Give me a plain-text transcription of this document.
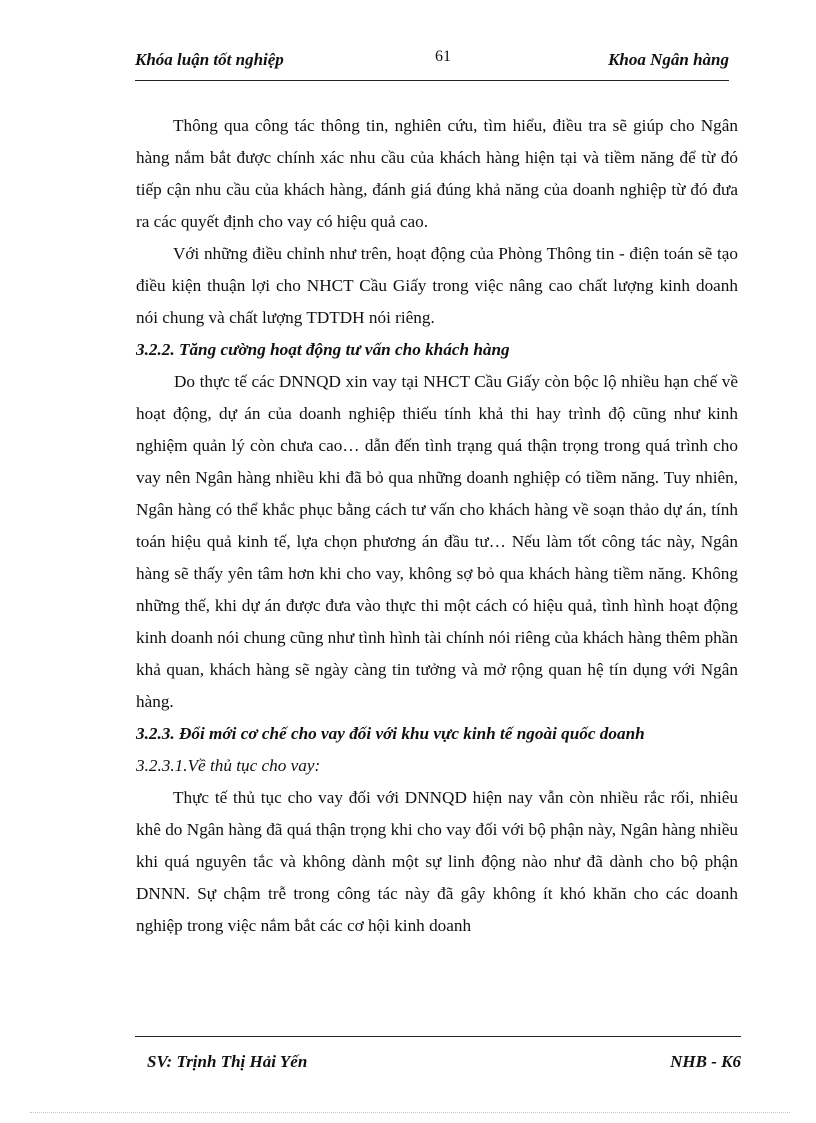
Khóa luận tốt nghiệp	61	Khoa Ngân hàng

Thông qua công tác thông tin, nghiên cứu, tìm hiểu, điều tra sẽ giúp cho Ngân hàng nắm bắt được chính xác nhu cầu của khách hàng hiện tại và tiềm năng để từ đó tiếp cận nhu cầu của khách hàng, đánh giá đúng khả năng của doanh nghiệp từ đó đưa ra các quyết định cho vay có hiệu quả cao.

Với những điều chỉnh như trên, hoạt động của Phòng Thông tin - điện toán sẽ tạo điều kiện thuận lợi cho NHCT Cầu Giấy trong việc nâng cao chất lượng kinh doanh nói chung và chất lượng TDTDH nói riêng.

3.2.2. Tăng cường hoạt động tư vấn cho khách hàng

Do thực tế các DNNQD xin vay tại NHCT Cầu Giấy còn bộc lộ nhiều hạn chế về hoạt động, dự án của doanh nghiệp thiếu tính khả thi hay trình độ cũng như kinh nghiệm quản lý còn chưa cao… dẫn đến tình trạng quá thận trọng trong quá trình cho vay nên Ngân hàng nhiều khi đã bỏ qua những doanh nghiệp có tiềm năng. Tuy nhiên, Ngân hàng có thể khắc phục bằng cách tư vấn cho khách hàng về soạn thảo dự án, tính toán hiệu quả kinh tế, lựa chọn phương án đầu tư… Nếu làm tốt công tác này, Ngân hàng sẽ thấy yên tâm hơn khi cho vay, không sợ bỏ qua khách hàng tiềm năng. Không những thế, khi dự án được đưa vào thực thi một cách có hiệu quả, tình hình hoạt động kinh doanh nói chung cũng như tình hình tài chính nói riêng của khách hàng thêm phần khả quan, khách hàng sẽ ngày càng tin tưởng và mở rộng quan hệ tín dụng với Ngân hàng.

3.2.3. Đổi mới cơ chế cho vay đối với khu vực kinh tế ngoài quốc doanh
3.2.3.1.Về thủ tục cho vay:

Thực tế thủ tục cho vay đối với DNNQD hiện nay vẫn còn nhiều rắc rối, nhiêu khê do Ngân hàng đã quá thận trọng khi cho vay đối với bộ phận này, Ngân hàng nhiều khi quá nguyên tắc và không dành một sự linh động nào như đã dành cho bộ phận DNNN. Sự chậm trễ trong công tác này đã gây không ít khó khăn cho các doanh nghiệp trong việc nắm bắt các cơ hội kinh doanh

SV: Trịnh Thị Hải Yến	NHB - K6
